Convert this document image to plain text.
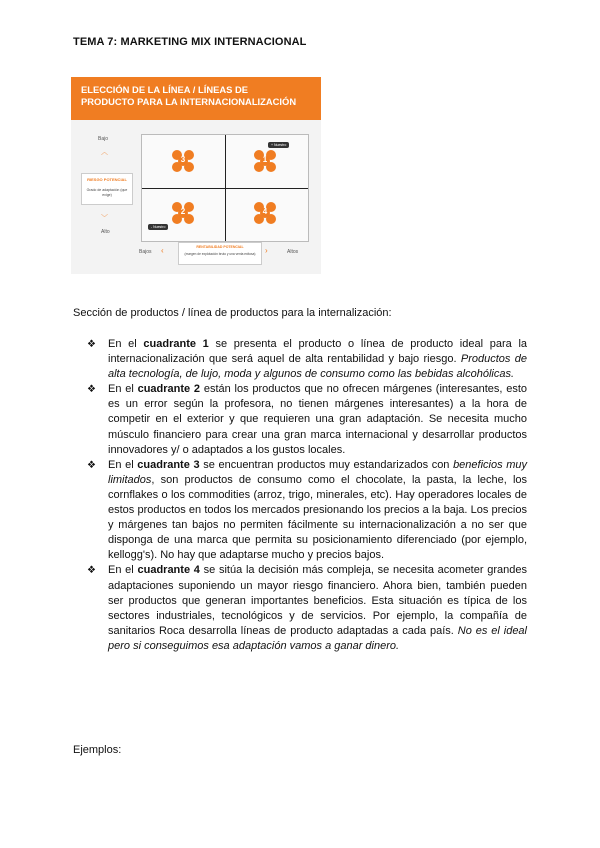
TEMA 7: MARKETING MIX INTERNACIONAL
ELECCIÓN DE LA LÍNEA / LÍNEAS DE
PRODUCTO PARA LA INTERNACIONALIZACIÓN
Bajo
︿
RIESGO POTENCIAL
Grado de adaptación (que exige)
﹀
Alto
3	1
2	4
+ Nuestro
- Nuestro
Bajos ‹	RENTABILIDAD POTENCIAL
(margen de explotación bruto y una venta exitosa)	›	Altos
Sección de productos / línea de productos para la internalización:
❖ En el cuadrante 1 se presenta el producto o línea de producto ideal para la internacionalización que será aquel de alta rentabilidad y bajo riesgo. Productos de alta tecnología, de lujo, moda y algunos de consumo como las bebidas alcohólicas.
❖ En el cuadrante 2 están los productos que no ofrecen márgenes (interesantes, esto es un error según la profesora, no tienen márgenes interesantes) a la hora de competir en el exterior y que requieren una gran adaptación. Se necesita mucho músculo financiero para crear una gran marca internacional y desarrollar productos innovadores y/ o adaptados a los gustos locales.
❖ En el cuadrante 3 se encuentran productos muy estandarizados con beneficios muy limitados, son productos de consumo como el chocolate, la pasta, la leche, los cornflakes o los commodities (arroz, trigo, minerales, etc). Hay operadores locales de estos productos en todos los mercados presionando los precios a la baja. Los precios y márgenes tan bajos no permiten fácilmente su internacionalización a no ser que disponga de una marca que permita su posicionamiento diferenciado (por ejemplo, kellogg's). No hay que adaptarse mucho y precios bajos.
❖ En el cuadrante 4 se sitúa la decisión más compleja, se necesita acometer grandes adaptaciones suponiendo un mayor riesgo financiero. Ahora bien, también pueden ser productos que generan importantes beneficios. Esta situación es típica de los sectores industriales, tecnológicos y de servicios. Por ejemplo, la compañía de sanitarios Roca desarrolla líneas de producto adaptadas a cada país. No es el ideal pero si conseguimos esa adaptación vamos a ganar dinero.
Ejemplos:
